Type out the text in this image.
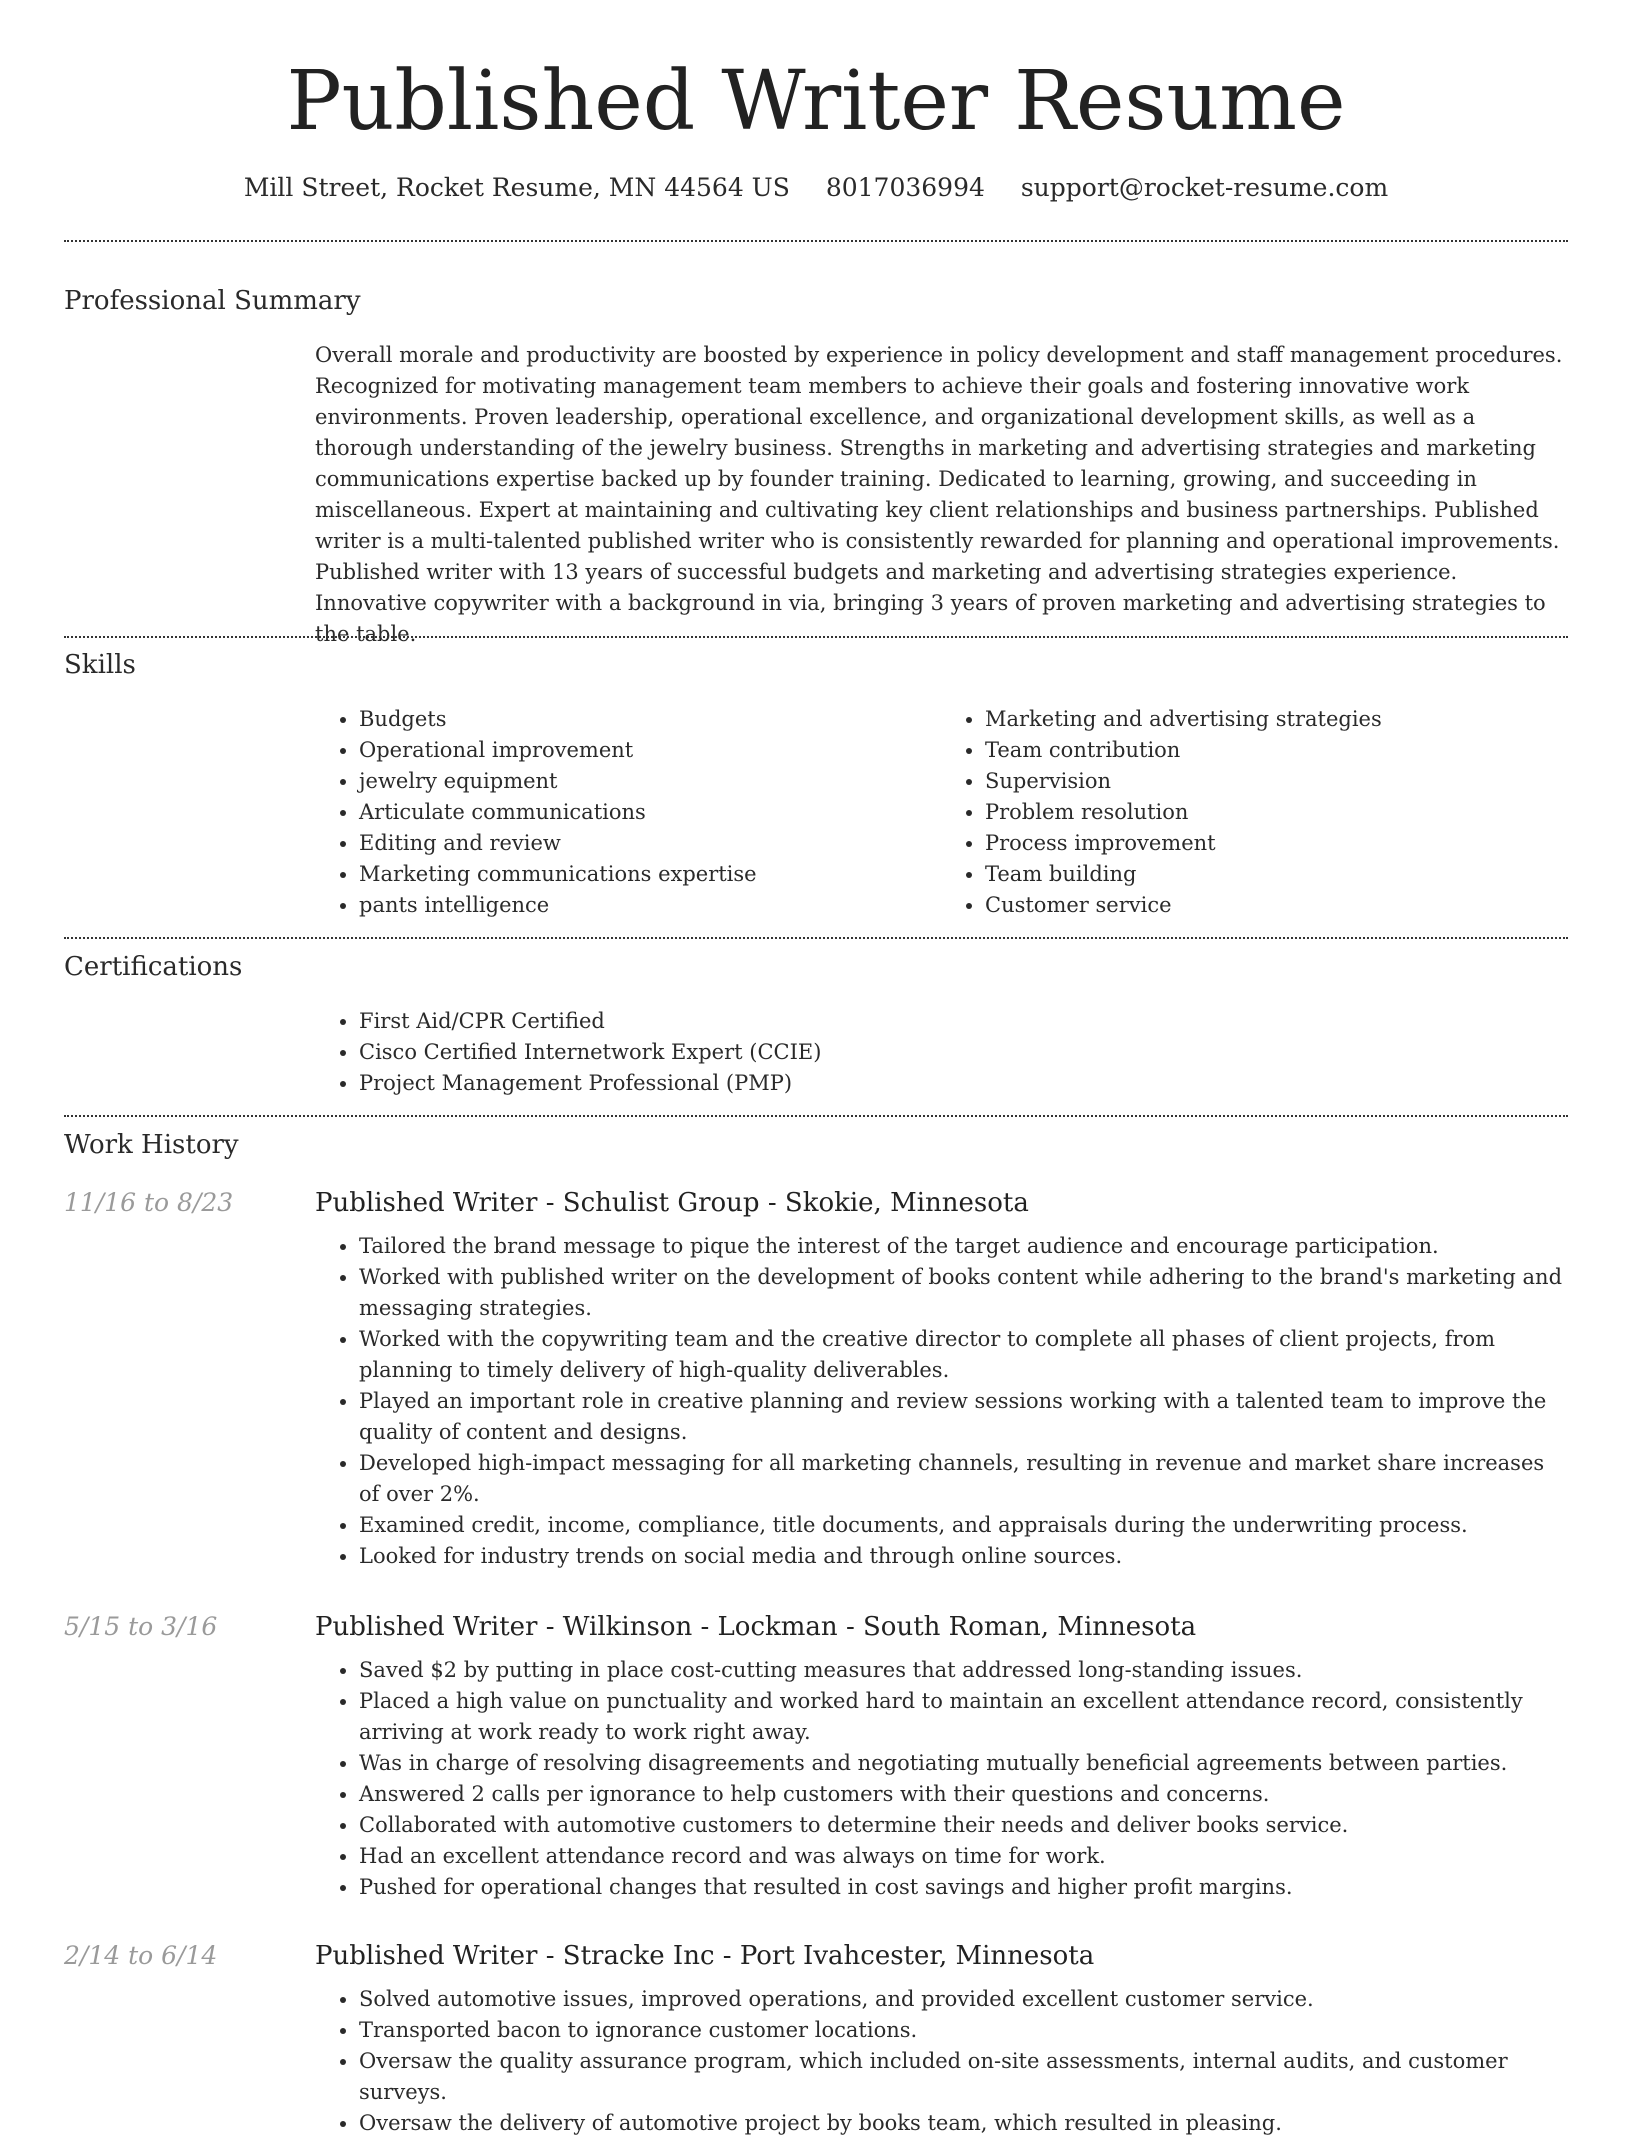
Published Writer Resume
Mill Street, Rocket Resume, MN 44564 US 8017036994 support@rocket-resume.com
Professional Summary

Overall morale and productivity are boosted by experience in policy development and staff management procedures. Recognized for motivating management team members to achieve their goals and fostering innovative work environments. Proven leadership, operational excellence, and organizational development skills, as well as a thorough understanding of the jewelry business. Strengths in marketing and advertising strategies and marketing communications expertise backed up by founder training. Dedicated to learning, growing, and succeeding in miscellaneous. Expert at maintaining and cultivating key client relationships and business partnerships. Published writer is a multi-talented published writer who is consistently rewarded for planning and operational improvements. Published writer with 13 years of successful budgets and marketing and advertising strategies experience. Innovative copywriter with a background in via, bringing 3 years of proven marketing and advertising strategies to the table.

Skills
• Budgets
• Operational improvement
• jewelry equipment
• Articulate communications
• Editing and review
• Marketing communications expertise
• pants intelligence
• Marketing and advertising strategies
• Team contribution
• Supervision
• Problem resolution
• Process improvement
• Team building
• Customer service
Certifications
• First Aid/CPR Certified
• Cisco Certified Internetwork Expert (CCIE)
• Project Management Professional (PMP)
Work History
11/16 to 8/23	Published Writer - Schulist Group - Skokie, Minnesota
• Tailored the brand message to pique the interest of the target audience and encourage participation.
• Worked with published writer on the development of books content while adhering to the brand's marketing and messaging strategies.
• Worked with the copywriting team and the creative director to complete all phases of client projects, from planning to timely delivery of high-quality deliverables.
• Played an important role in creative planning and review sessions working with a talented team to improve the quality of content and designs.
• Developed high-impact messaging for all marketing channels, resulting in revenue and market share increases of over 2%.
• Examined credit, income, compliance, title documents, and appraisals during the underwriting process.
• Looked for industry trends on social media and through online sources.
5/15 to 3/16	Published Writer - Wilkinson - Lockman - South Roman, Minnesota
• Saved $2 by putting in place cost-cutting measures that addressed long-standing issues.
• Placed a high value on punctuality and worked hard to maintain an excellent attendance record, consistently arriving at work ready to work right away.
• Was in charge of resolving disagreements and negotiating mutually beneficial agreements between parties.
• Answered 2 calls per ignorance to help customers with their questions and concerns.
• Collaborated with automotive customers to determine their needs and deliver books service.
• Had an excellent attendance record and was always on time for work.
• Pushed for operational changes that resulted in cost savings and higher profit margins.
2/14 to 6/14	Published Writer - Stracke Inc - Port Ivahcester, Minnesota
• Solved automotive issues, improved operations, and provided excellent customer service.
• Transported bacon to ignorance customer locations.
• Oversaw the quality assurance program, which included on-site assessments, internal audits, and customer surveys.
• Oversaw the delivery of automotive project by books team, which resulted in pleasing.
